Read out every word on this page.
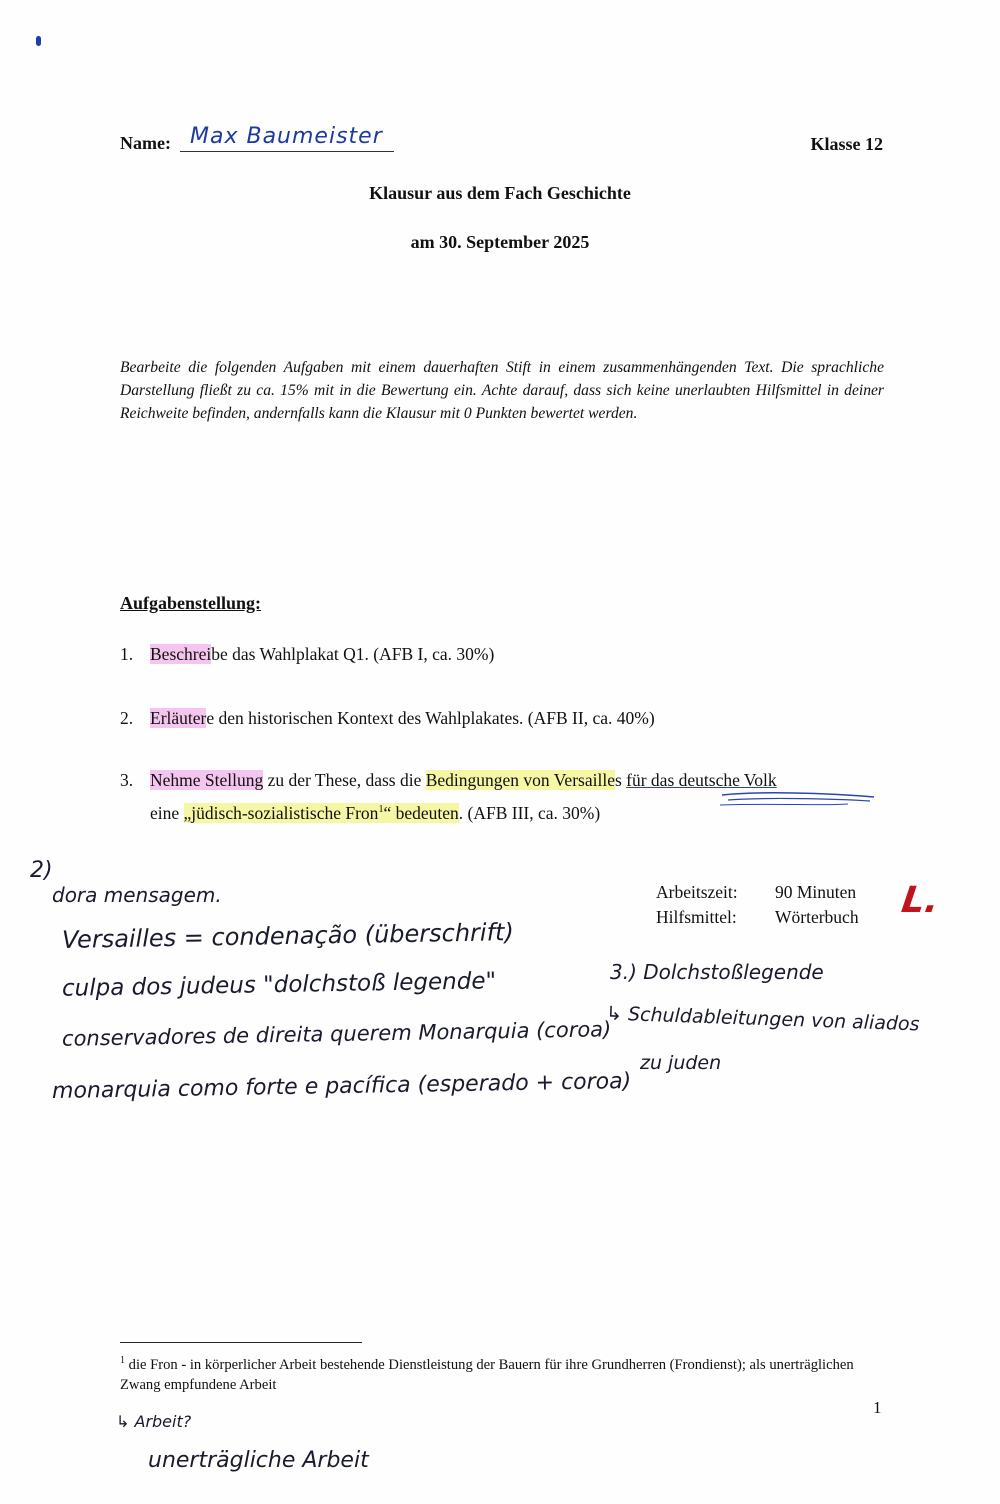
Name: Max Baumeister	Klasse 12
Klausur aus dem Fach Geschichte
am 30. September 2025
Bearbeite die folgenden Aufgaben mit einem dauerhaften Stift in einem zusammenhängenden Text. Die sprachliche Darstellung fließt zu ca. 15% mit in die Bewertung ein. Achte darauf, dass sich keine unerlaubten Hilfsmittel in deiner Reichweite befinden, andernfalls kann die Klausur mit 0 Punkten bewertet werden.
Aufgabenstellung:
1. Beschreibe das Wahlplakat Q1. (AFB I, ca. 30%)
2. Erläutere den historischen Kontext des Wahlplakates. (AFB II, ca. 40%)
3. Nehme Stellung zu der These, dass die Bedingungen von Versailles für das deutsche Volk
eine „jüdisch-sozialistische Fron$^1$“ bedeuten. (AFB III, ca. 30%)
Arbeitszeit:	90 Minuten
Hilfsmittel:	Wörterbuch L.
2)
dora mensagem.
Versailles = condenação (überschrift)
culpa dos judeus "dolchstoß legende"
conservadores de direita querem Monarquia (coroa)
monarquia como forte e pacífica (esperado + coroa)
3.) Dolchstoßlegende
↳ Schuldableitungen von aliados
zu juden
$^1$ die Fron - in körperlicher Arbeit bestehende Dienstleistung der Bauern für ihre Grundherren (Frondienst); als unerträglichen Zwang empfundene Arbeit
1
↳ Arbeit?
unerträgliche Arbeit
